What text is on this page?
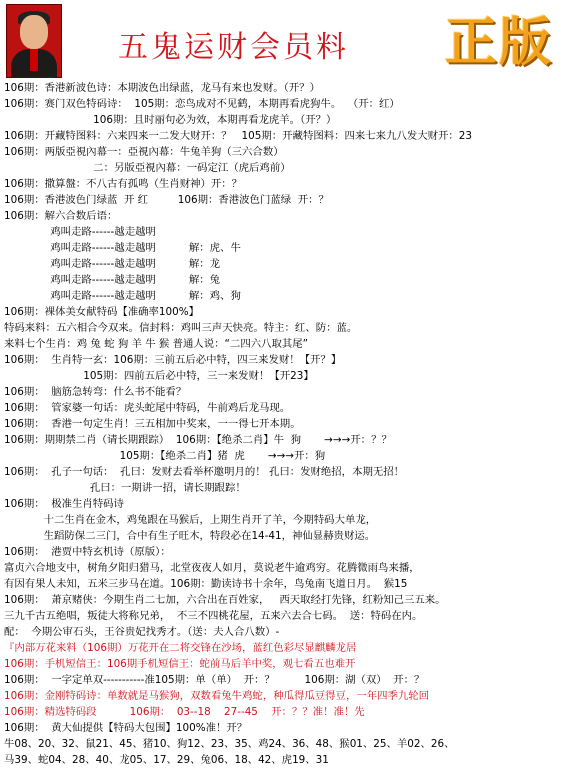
五鬼运财会员料 正版
106期：香港新波色诗：本期波色出绿蓝，龙马有来也发财。（开？）
106期：赛门双色特码诗：  105期：恋鸟成对不见鹤，本期再看虎狗牛。  （开：红）
106期：且时丽句必为效，本期再看龙虎羊。（开？）
106期：开藏特图料：六来四来一二发大财开：？   105期：开藏特图料：四来七来九八发大财开：23
106期：两版亞視內幕一：亞視內幕：牛兔羊狗（三六合数）
二：另版亞視內幕：一码定江（虎后鸡前）
106期：撒算盤：不八古有孤鸣（生肖财神）开：？
106期：香港波色门绿蓝  开 红         106期：香港波色门蓝绿  开：？
106期：解六合数后语：
鸡叫走路------越走越明
鸡叫走路------越走越明          解：虎、牛
鸡叫走路------越走越明          解：龙
鸡叫走路------越走越明          解：兔
鸡叫走路------越走越明          解：鸡、狗
106期：裸体美女献特码【准确率100%】
特码来料：五六相合今双来。信封料：鸡叫三声天快亮。特主：红、防：蓝。
来料七个生肖：鸡 兔 蛇 狗 羊 牛 猴 普通人说：“二四六八取其尾”
106期：  生肖特一玄：106期：三前五后必中特，四三来发财！【开？】
105期：四前五后必中特，三一来发财！【开23】
106期：  脑筋急转弯：什么书不能看？
106期：  管家婆一句话：虎头蛇尾中特码，牛前鸡后龙马现。
106期：  香港一句定生肖！三五相加中奖来，一一得七开本期。
106期：期期禁二肖（请长期跟踪）  106期：【绝杀二肖】牛  狗       →→→开：？？
105期：【绝杀二肖】猪  虎       →→→开：狗
106期：  孔子一句话：  孔曰：发财去看举杯邀明月的！ 孔曰：发财绝招，本期无招！
孔曰：一期讲一招，请长期跟踪！
106期：  极准生肖特码诗
十二生肖在金木，鸡兔跟在马猴后，上期生肖开了羊，今期特码大单龙，
生蹈防保二三门，合中有生子旺木，特段必在14-41，神仙显赫贵财运。
106期：  港贾中特玄机诗（原版）：
富贞六合地支中，树角夕阳归猎马，北堂夜夜人如月，莫说老牛逾鸡穷。花腾微雨鸟来播，
有因有果人未知，五米三步马在道。106期：勤读诗书十余年，鸟兔南飞道日月。  猴15
106期：  萧京赌侠：今期生肖二七加，六合出在百姓家，   西天取经打先锋，红粉知己三五来。
三九千古五绝唱，叛徒大将称兄弟，  不三不四桃花屋，五来六去合七码。  送：特码在内。
配：  今期公审石头，王谷贵妃找秀才。（送：夫人合八数）-
『内部万花来料（106期）万花开在二将交锋在沙场，蓝红色彩尽显麒麟龙居
106期：手机短信王：106期手机短信王：蛇前马后羊中奖，观七看五也难开
106期：  一字定单双-----------准105期：单（单）  开：？         106期：湖（双）  开：？
106期：金刚特码诗：单数就是马猴狗，双数看兔牛鸡蛇，种瓜得瓜豆得豆，一年四季九轮回
106期：精选特码段          106期：  03--18    27--45    开：？？准！准！先
106期：  黄大仙提供【特码大包围】100%准！开？
牛08、20、32、鼠21、45、猪10、狗12、23、35、鸡24、36、48、猴01、25、羊02、26、
马39、蛇04、28、40、龙05、17、29、兔06、18、42、虎19、31
